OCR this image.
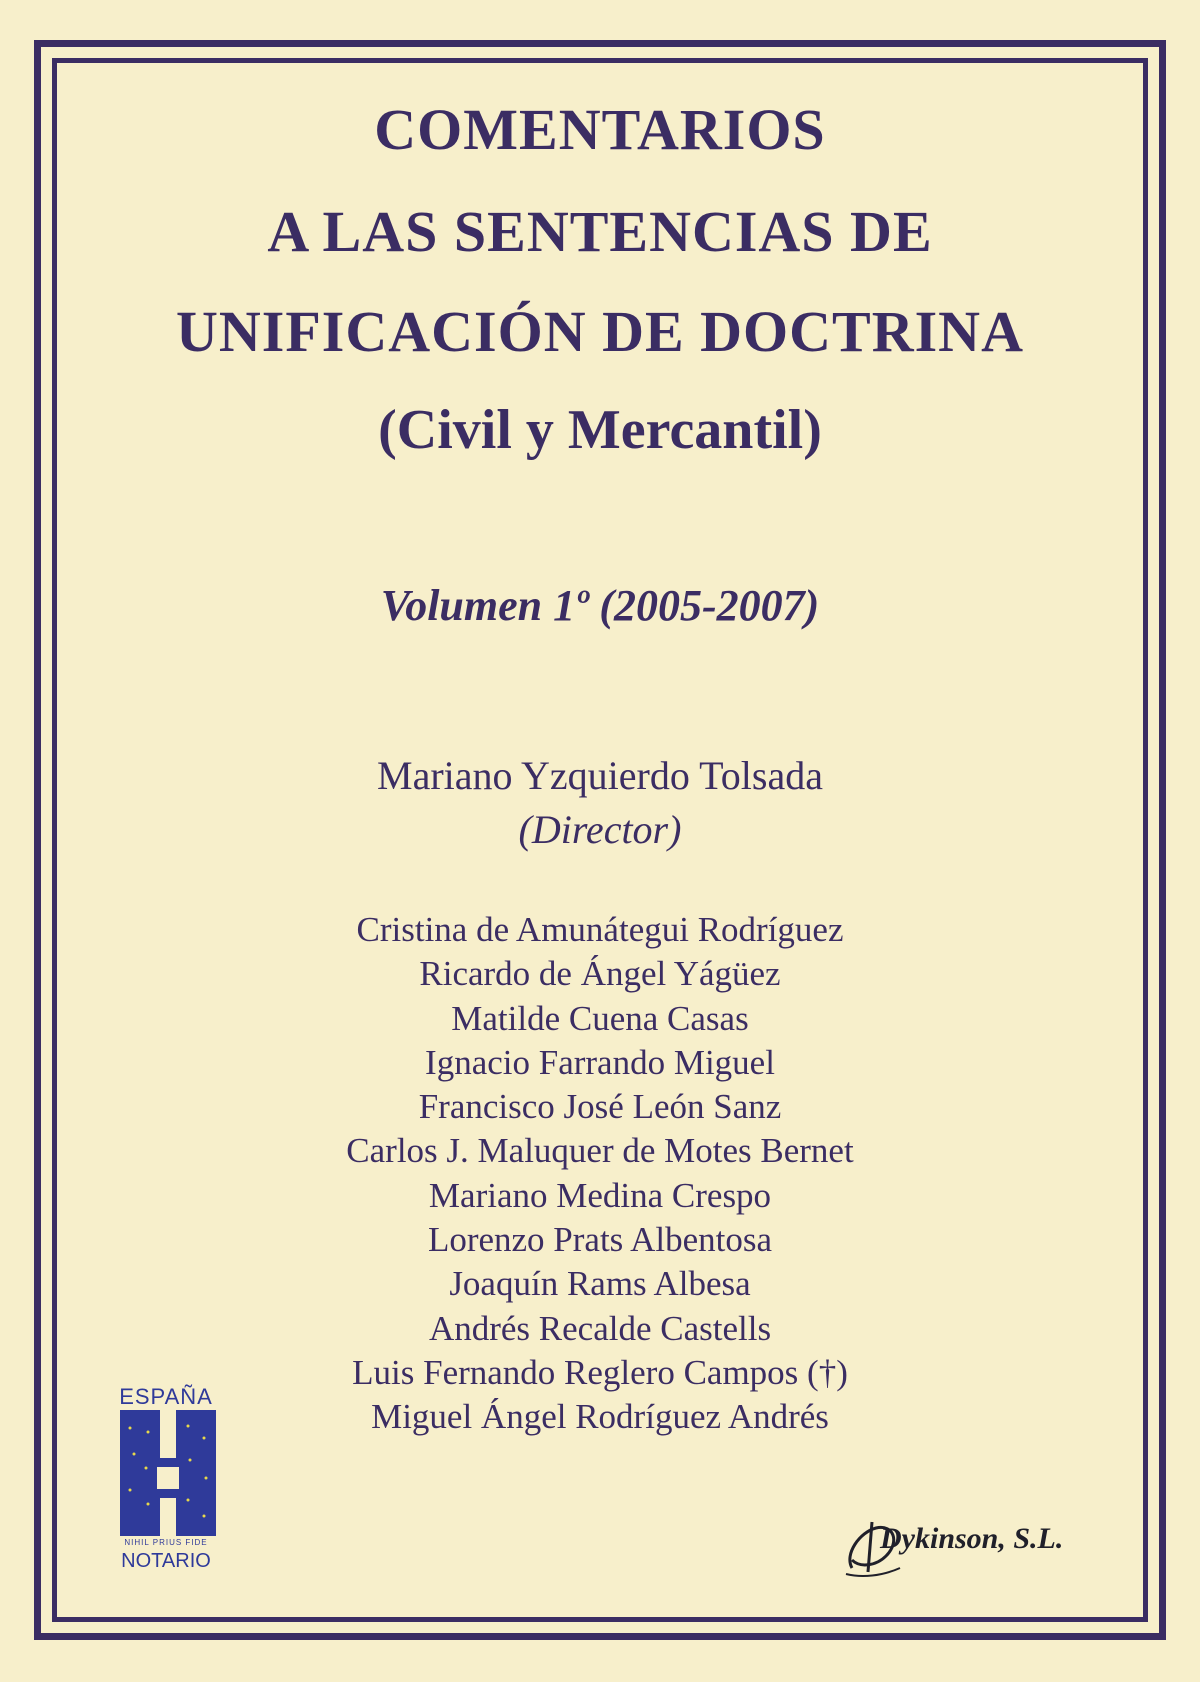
COMENTARIOS
A LAS SENTENCIAS DE
UNIFICACIÓN DE DOCTRINA
(Civil y Mercantil)
Volumen 1º (2005-2007)
Mariano Yzquierdo Tolsada
(Director)
Cristina de Amunátegui Rodríguez
Ricardo de Ángel Yágüez
Matilde Cuena Casas
Ignacio Farrando Miguel
Francisco José León Sanz
Carlos J. Maluquer de Motes Bernet
Mariano Medina Crespo
Lorenzo Prats Albentosa
Joaquín Rams Albesa
Andrés Recalde Castells
Luis Fernando Reglero Campos (†)
Miguel Ángel Rodríguez Andrés
ESPAÑA
NIHIL PRIUS FIDE
NOTARIO
Dykinson, S.L.
